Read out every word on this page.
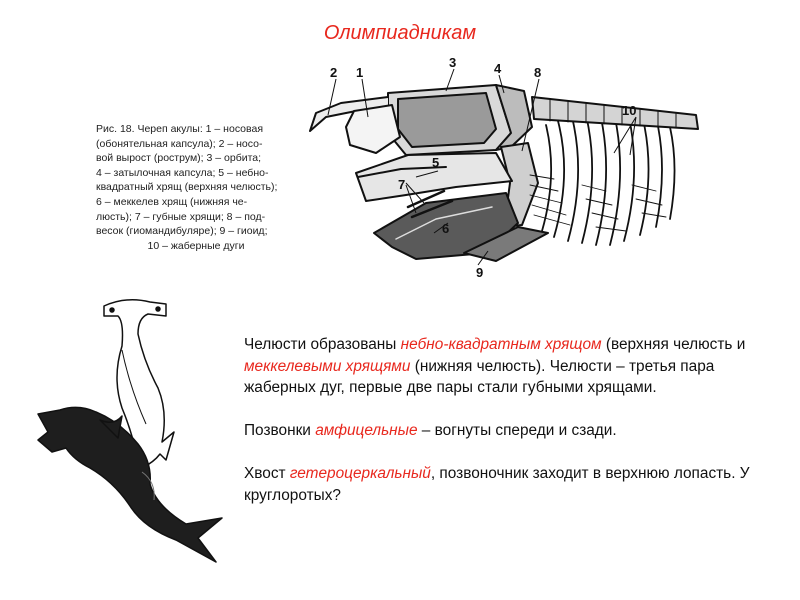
Олимпиадникам
Рис. 18. Череп акулы: 1 – носовая
(обонятельная капсула); 2 – носо-
вой вырост (рострум); 3 – орбита;
4 – затылочная капсула; 5 – небно-
квадратный хрящ (верхняя челюсть);
6 – меккелев хрящ (нижняя че-
люсть); 7 – губные хрящи; 8 – под-
весок (гиомандибуляре); 9 – гиоид;
10 – жаберные дуги
2 1
3	4	8
5
7
6
9
10

Челюсти образованы небно-квадратным хрящом (верхняя челюсть и меккелевыми хрящями (нижняя челюсть). Челюсти – третья пара жаберных дуг, первые две пары стали губными хрящами.

Позвонки амфицельные – вогнуты спереди и сзади.

Хвост гетероцеркальный, позвоночник заходит в верхнюю лопасть. У круглоротых?
